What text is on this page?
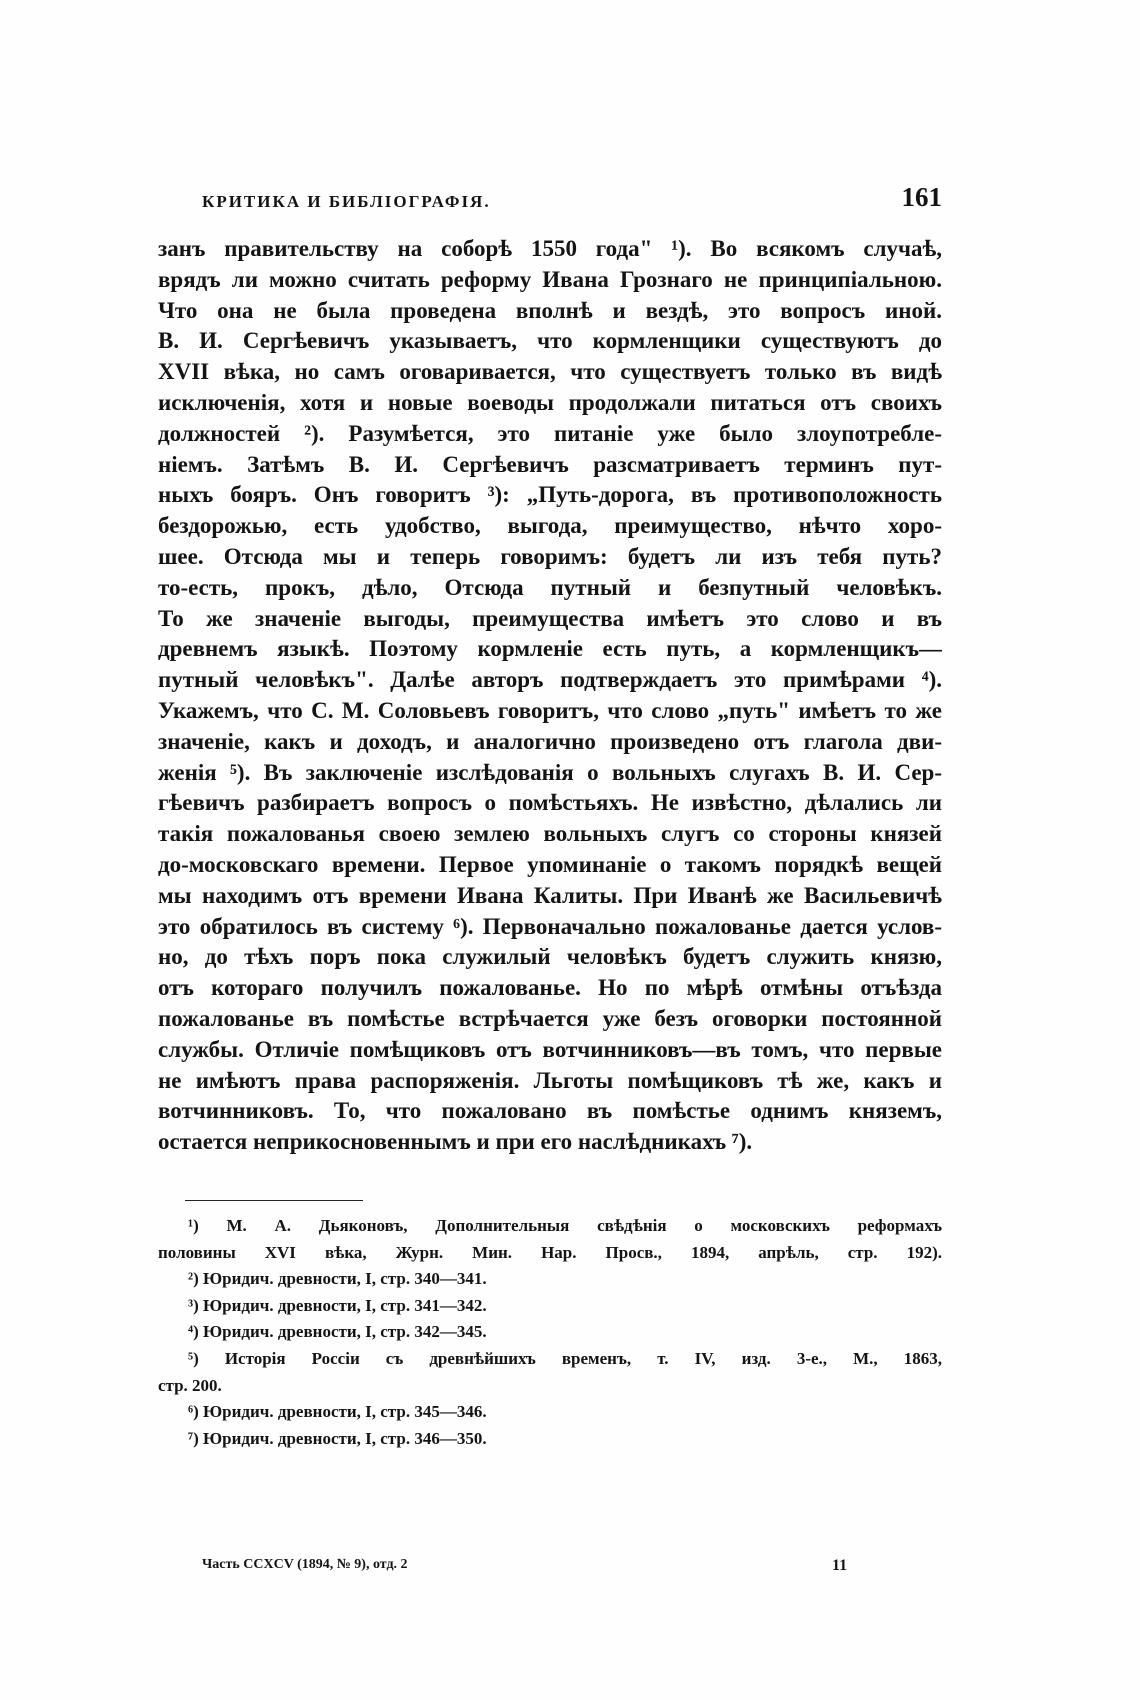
КРИТИКА И БИБЛIОГРАФIЯ.	161
занъ правительству на соборѣ 1550 года" ¹). Во всякомъ случаѣ,
врядъ ли можно считать реформу Ивана Грознаго не принципіальною.
Что она не была проведена вполнѣ и вездѣ, это вопросъ иной.
В. И. Сергѣевичъ указываетъ, что кормленщики существуютъ до
XVII вѣка, но самъ оговаривается, что существуетъ только въ видѣ
исключенія, хотя и новые воеводы продолжали питаться отъ своихъ
должностей ²). Разумѣется, это питаніе уже было злоупотребле-
ніемъ. Затѣмъ В. И. Сергѣевичъ разсматриваетъ терминъ пут-
ныхъ бояръ. Онъ говоритъ ³): „Путь-дорога, въ противоположность
бездорожью, есть удобство, выгода, преимущество, нѣчто хоро-
шее. Отсюда мы и теперь говоримъ: будетъ ли изъ тебя путь?
то-есть, прокъ, дѣло, Отсюда путный и безпутный человѣкъ.
То же значеніе выгоды, преимущества имѣетъ это слово и въ
древнемъ языкѣ. Поэтому кормленіе есть путь, а кормленщикъ—
путный человѣкъ". Далѣе авторъ подтверждаетъ это примѣрами ⁴).
Укажемъ, что С. М. Соловьевъ говоритъ, что слово „путь" имѣетъ то же
значеніе, какъ и доходъ, и аналогично произведено отъ глагола дви-
женія ⁵). Въ заключеніе изслѣдованія о вольныхъ слугахъ В. И. Сер-
гѣевичъ разбираетъ вопросъ о помѣстьяхъ. Не извѣстно, дѣлались ли
такія пожалованья своею землею вольныхъ слугъ со стороны князей
до-московскаго времени. Первое упоминаніе о такомъ порядкѣ вещей
мы находимъ отъ времени Ивана Калиты. При Иванѣ же Васильевичѣ
это обратилось въ систему ⁶). Первоначально пожалованье дается услов-
но, до тѣхъ поръ пока служилый человѣкъ будетъ служить князю,
отъ котораго получилъ пожалованье. Но по мѣрѣ отмѣны отъѣзда
пожалованье въ помѣстье встрѣчается уже безъ оговорки постоянной
службы. Отличіе помѣщиковъ отъ вотчинниковъ—въ томъ, что первые
не имѣютъ права распоряженія. Льготы помѣщиковъ тѣ же, какъ и
вотчинниковъ. То, что пожаловано въ помѣстье однимъ княземъ,
остается неприкосновеннымъ и при его наслѣдникахъ ⁷).
¹) М. А. Дьяконовъ, Дополнительныя свѣдѣнія о московскихъ реформахъ
половины XVI вѣка, Журн. Мин. Нар. Просв., 1894, апрѣль, стр. 192).
²) Юридич. древности, I, стр. 340—341.
³) Юридич. древности, I, стр. 341—342.
⁴) Юридич. древности, I, стр. 342—345.
⁵) Исторія Россіи съ древнѣйшихъ временъ, т. IV, изд. 3-е., М., 1863,
стр. 200.
⁶) Юридич. древности, I, стр. 345—346.
⁷) Юридич. древности, I, стр. 346—350.
Часть CCXCV (1894, № 9), отд. 2	11
